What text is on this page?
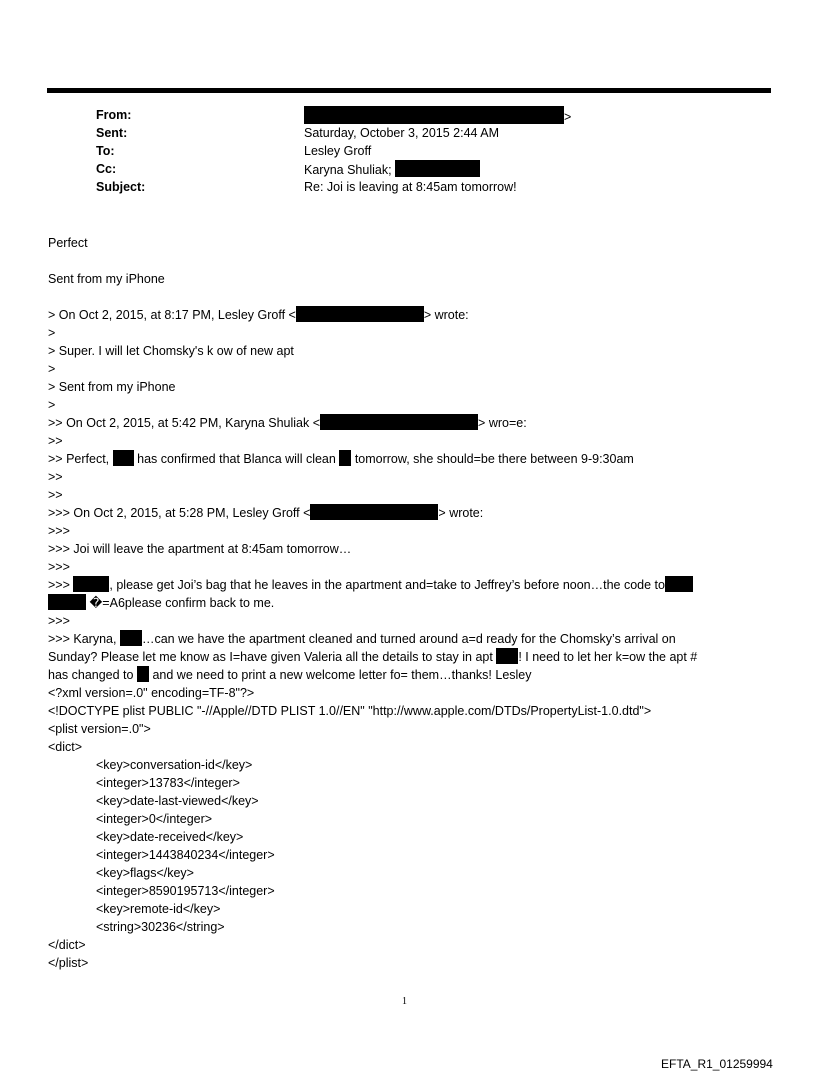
From:	>
Sent:	Saturday, October 3, 2015 2:44 AM
To:	Lesley Groff
Cc:	Karyna Shuliak;
Subject:	Re: Joi is leaving at 8:45am tomorrow!
Perfect
Sent from my iPhone
> On Oct 2, 2015, at 8:17 PM, Lesley Groff <	> wrote:
>
> Super. I will let Chomsky's k ow of new apt
>
> Sent from my iPhone
>
>> On Oct 2, 2015, at 5:42 PM, Karyna Shuliak <	> wro=e:
>>
>> Perfect, has confirmed that Blanca will clean tomorrow, she should=be there between 9-9:30am
>>
>>
>>> On Oct 2, 2015, at 5:28 PM, Lesley Groff <	> wrote:
>>>
>>> Joi will leave the apartment at 8:45am tomorrow…
>>>
>>>	, please get Joi’s bag that he leaves in the apartment and=take to Jeffrey’s before noon…the code to
�=A6please confirm back to me.
>>>
>>> Karyna, …can we have the apartment cleaned and turned around a=d ready for the Chomsky’s arrival on
Sunday? Please let me know as I=have given Valeria all the details to stay in apt ! I need to let her k=ow the apt #
has changed to and we need to print a new welcome letter fo= them…thanks! Lesley
<?xml version=.0" encoding=TF-8"?>
<!DOCTYPE plist PUBLIC "-//Apple//DTD PLIST 1.0//EN" "http://www.apple.com/DTDs/PropertyList-1.0.dtd">
<plist version=.0">
<dict>
<key>conversation-id</key>
<integer>13783</integer>
<key>date-last-viewed</key>
<integer>0</integer>
<key>date-received</key>
<integer>1443840234</integer>
<key>flags</key>
<integer>8590195713</integer>
<key>remote-id</key>
<string>30236</string>
</dict>
</plist>
1
EFTA_R1_01259994
